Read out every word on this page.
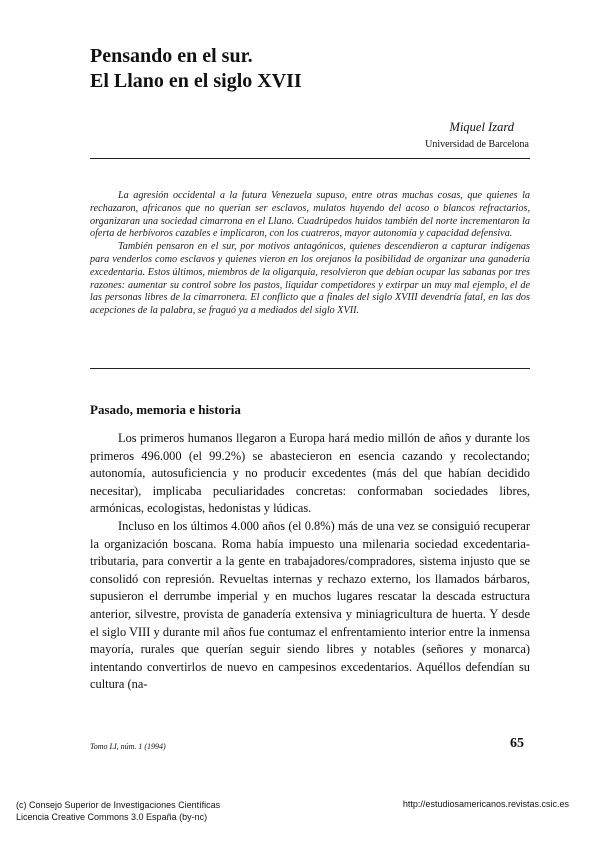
Pensando en el sur.
El Llano en el siglo XVII

Miquel Izard

Universidad de Barcelona

La agresión occidental a la futura Venezuela supuso, entre otras muchas cosas, que quienes la rechazaron, africanos que no querían ser esclavos, mulatos huyendo del acoso o blancos refractarios, organizaran una sociedad cimarrona en el Llano. Cuadrúpedos huidos también del norte incrementaron la oferta de herbívoros cazables e implicaron, con los cuatreros, mayor autonomía y capacidad defensiva.

También pensaron en el sur, por motivos antagónicos, quienes descendieron a capturar indígenas para venderlos como esclavos y quienes vieron en los orejanos la posibilidad de organizar una ganadería excedentaria. Estos últimos, miembros de la oligarquía, resolvieron que debían ocupar las sabanas por tres razones: aumentar su control sobre los pastos, liquidar competidores y extirpar un muy mal ejemplo, el de las personas libres de la cimarronera. El conflicto que a finales del siglo XVIII devendría fatal, en las dos acepciones de la palabra, se fraguó ya a mediados del siglo XVII.

Pasado, memoria e historia

Los primeros humanos llegaron a Europa hará medio millón de años y durante los primeros 496.000 (el 99.2%) se abastecieron en esencia cazando y recolectando; autonomía, autosuficiencia y no producir excedentes (más del que habían decidido necesitar), implicaba peculiaridades concretas: conformaban sociedades libres, armónicas, ecologistas, hedonistas y lúdicas.

Incluso en los últimos 4.000 años (el 0.8%) más de una vez se consiguió recuperar la organización boscana. Roma había impuesto una milenaria sociedad excedentaria-tributaria, para convertir a la gente en trabajadores/compradores, sistema injusto que se consolidó con represión. Revueltas internas y rechazo externo, los llamados bárbaros, supusieron el derrumbe imperial y en muchos lugares rescatar la descada estructura anterior, silvestre, provista de ganadería extensiva y miniagricultura de huerta. Y desde el siglo VIII y durante mil años fue contumaz el enfrentamiento interior entre la inmensa mayoría, rurales que querían seguir siendo libres y notables (señores y monarca) intentando convertirlos de nuevo en campesinos excedentarios. Aquéllos defendían su cultura (na-

Tomo LI, núm. 1 (1994)	65

(c) Consejo Superior de Investigaciones Científicas
Licencia Creative Commons 3.0 España (by-nc)
http://estudiosamericanos.revistas.csic.es
